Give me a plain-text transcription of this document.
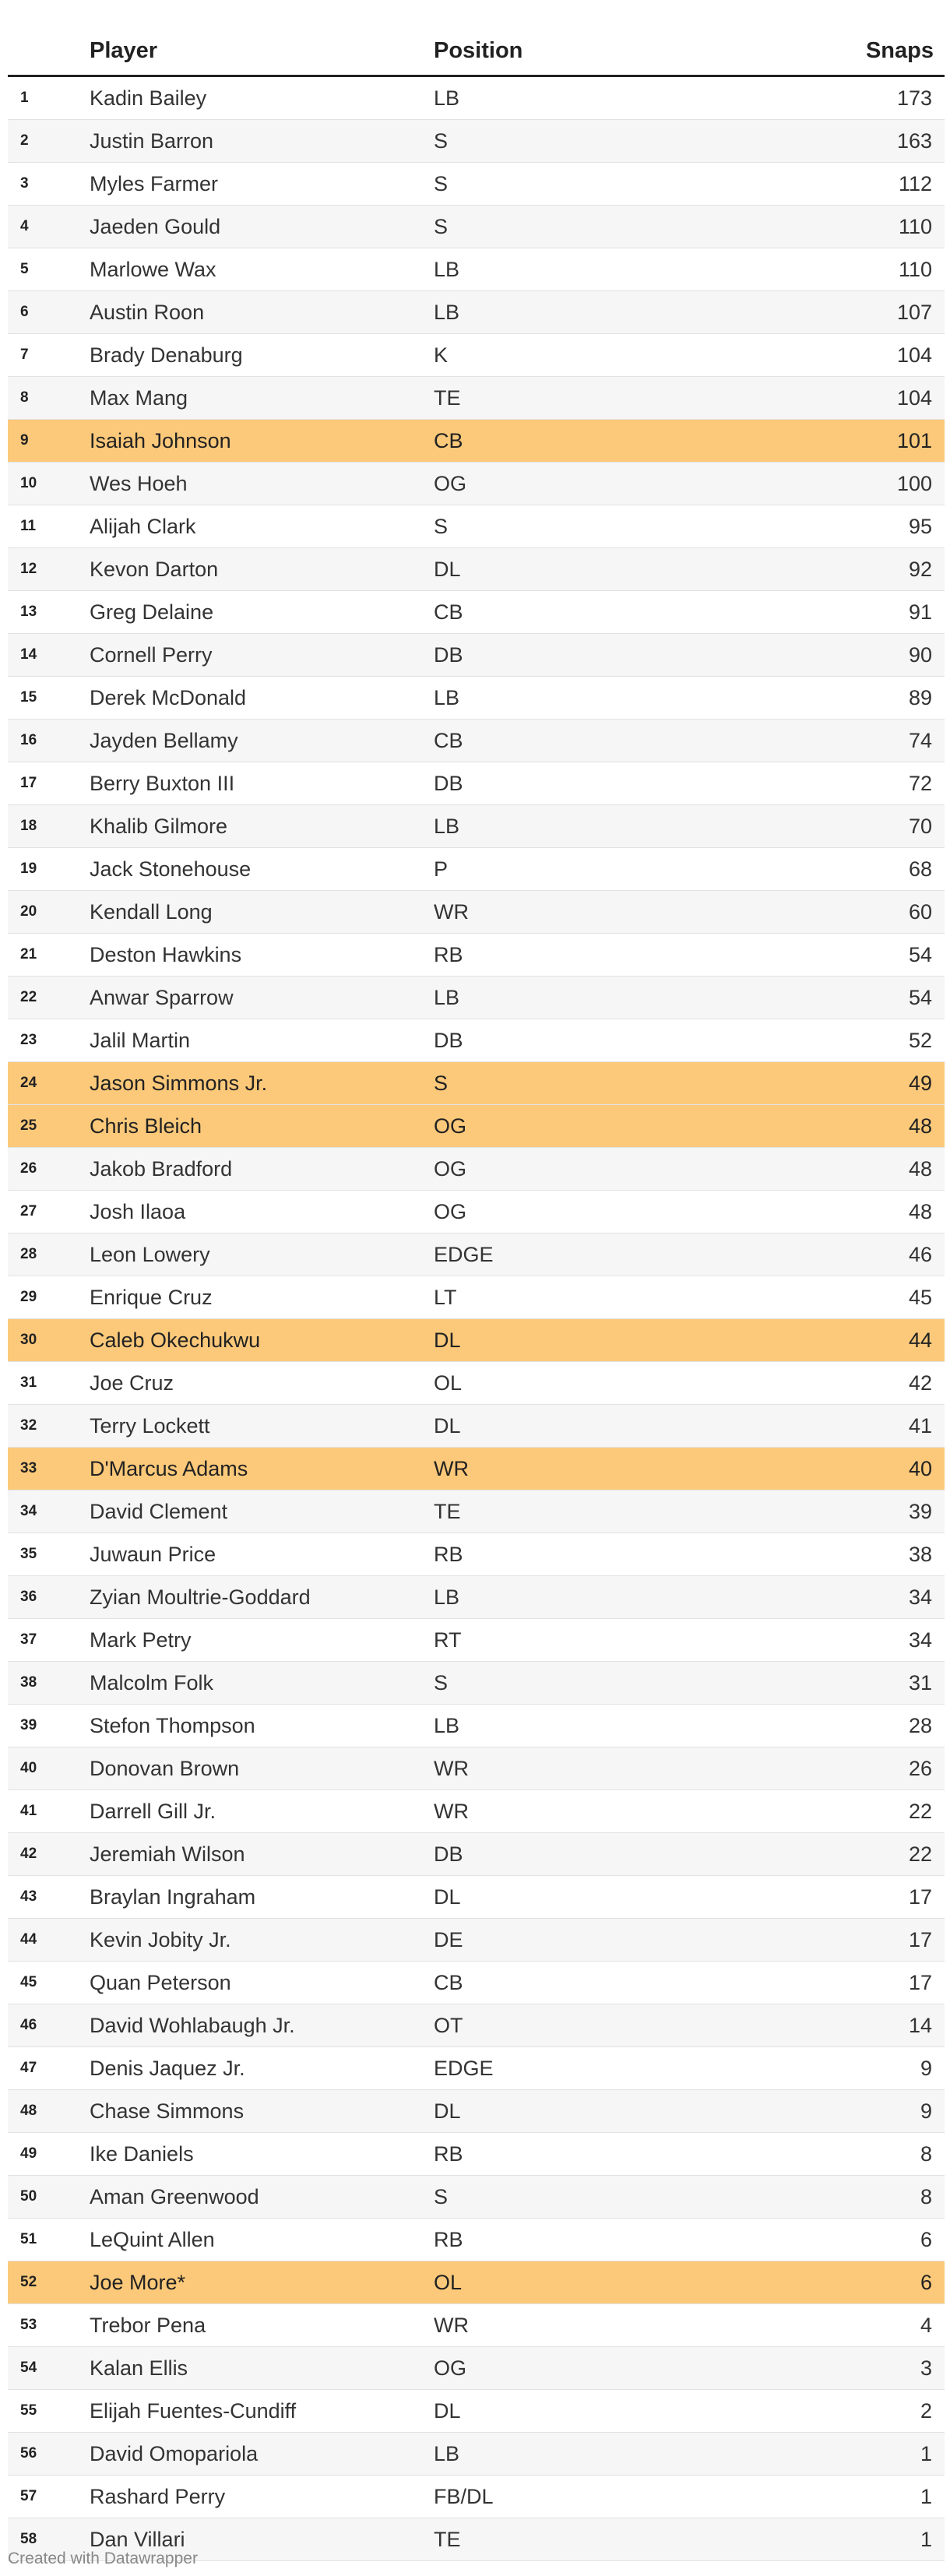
	Player	Position	Snaps
1	Kadin Bailey	LB	173
2	Justin Barron	S	163
3	Myles Farmer	S	112
4	Jaeden Gould	S	110
5	Marlowe Wax	LB	110
6	Austin Roon	LB	107
7	Brady Denaburg	K	104
8	Max Mang	TE	104
9	Isaiah Johnson	CB	101
10	Wes Hoeh	OG	100
11	Alijah Clark	S	95
12	Kevon Darton	DL	92
13	Greg Delaine	CB	91
14	Cornell Perry	DB	90
15	Derek McDonald	LB	89
16	Jayden Bellamy	CB	74
17	Berry Buxton III	DB	72
18	Khalib Gilmore	LB	70
19	Jack Stonehouse	P	68
20	Kendall Long	WR	60
21	Deston Hawkins	RB	54
22	Anwar Sparrow	LB	54
23	Jalil Martin	DB	52
24	Jason Simmons Jr.	S	49
25	Chris Bleich	OG	48
26	Jakob Bradford	OG	48
27	Josh Ilaoa	OG	48
28	Leon Lowery	EDGE	46
29	Enrique Cruz	LT	45
30	Caleb Okechukwu	DL	44
31	Joe Cruz	OL	42
32	Terry Lockett	DL	41
33	D'Marcus Adams	WR	40
34	David Clement	TE	39
35	Juwaun Price	RB	38
36	Zyian Moultrie-Goddard	LB	34
37	Mark Petry	RT	34
38	Malcolm Folk	S	31
39	Stefon Thompson	LB	28
40	Donovan Brown	WR	26
41	Darrell Gill Jr.	WR	22
42	Jeremiah Wilson	DB	22
43	Braylan Ingraham	DL	17
44	Kevin Jobity Jr.	DE	17
45	Quan Peterson	CB	17
46	David Wohlabaugh Jr.	OT	14
47	Denis Jaquez Jr.	EDGE	9
48	Chase Simmons	DL	9
49	Ike Daniels	RB	8
50	Aman Greenwood	S	8
51	LeQuint Allen	RB	6
52	Joe More*	OL	6
53	Trebor Pena	WR	4
54	Kalan Ellis	OG	3
55	Elijah Fuentes-Cundiff	DL	2
56	David Omopariola	LB	1
57	Rashard Perry	FB/DL	1
58	Dan Villari	TE	1
Created with Datawrapper
